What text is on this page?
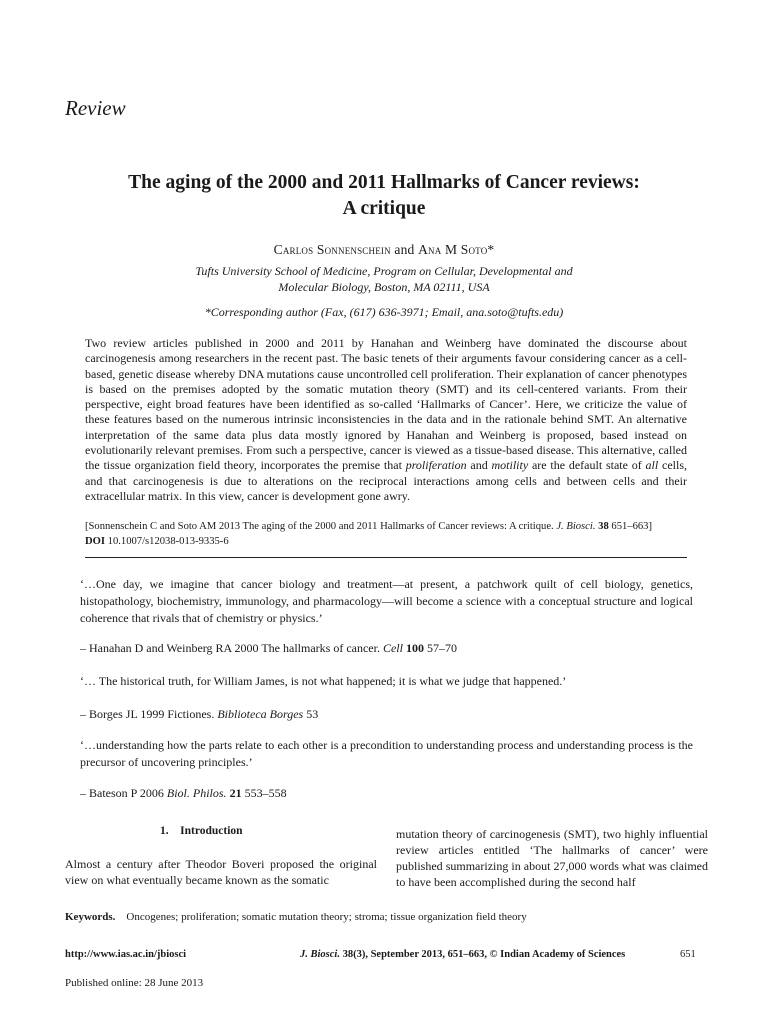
Review
The aging of the 2000 and 2011 Hallmarks of Cancer reviews:
A critique
Carlos Sonnenschein and Ana M Soto*
Tufts University School of Medicine, Program on Cellular, Developmental and
Molecular Biology, Boston, MA 02111, USA
*Corresponding author (Fax, (617) 636-3971; Email, ana.soto@tufts.edu)
Two review articles published in 2000 and 2011 by Hanahan and Weinberg have dominated the discourse about carcinogenesis among researchers in the recent past. The basic tenets of their arguments favour considering cancer as a cell-based, genetic disease whereby DNA mutations cause uncontrolled cell proliferation. Their explanation of cancer phenotypes is based on the premises adopted by the somatic mutation theory (SMT) and its cell-centered variants. From their perspective, eight broad features have been identified as so-called ‘Hallmarks of Cancer’. Here, we criticize the value of these features based on the numerous intrinsic inconsistencies in the data and in the rationale behind SMT. An alternative interpretation of the same data plus data mostly ignored by Hanahan and Weinberg is proposed, based instead on evolutionarily relevant premises. From such a perspective, cancer is viewed as a tissue-based disease. This alternative, called the tissue organization field theory, incorporates the premise that proliferation and motility are the default state of all cells, and that carcinogenesis is due to alterations on the reciprocal interactions among cells and between cells and their extracellular matrix. In this view, cancer is development gone awry.
[Sonnenschein C and Soto AM 2013 The aging of the 2000 and 2011 Hallmarks of Cancer reviews: A critique. J. Biosci. 38 651–663]
DOI 10.1007/s12038-013-9335-6
‘…One day, we imagine that cancer biology and treatment—at present, a patchwork quilt of cell biology, genetics, histopathology, biochemistry, immunology, and pharmacology—will become a science with a conceptual structure and logical coherence that rivals that of chemistry or physics.’
– Hanahan D and Weinberg RA 2000 The hallmarks of cancer. Cell 100 57–70
‘… The historical truth, for William James, is not what happened; it is what we judge that happened.’
– Borges JL 1999 Fictiones. Biblioteca Borges 53
‘…understanding how the parts relate to each other is a precondition to understanding process and understanding process is the precursor of uncovering principles.’
– Bateson P 2006 Biol. Philos. 21 553–558
1.    Introduction
Almost a century after Theodor Boveri proposed the original view on what eventually became known as the somatic
mutation theory of carcinogenesis (SMT), two highly influential review articles entitled ‘The hallmarks of cancer’ were published summarizing in about 27,000 words what was claimed to have been accomplished during the second half
Keywords. Oncogenes; proliferation; somatic mutation theory; stroma; tissue organization field theory
http://www.ias.ac.in/jbiosci	J. Biosci. 38(3), September 2013, 651–663, © Indian Academy of Sciences	651
Published online: 28 June 2013
